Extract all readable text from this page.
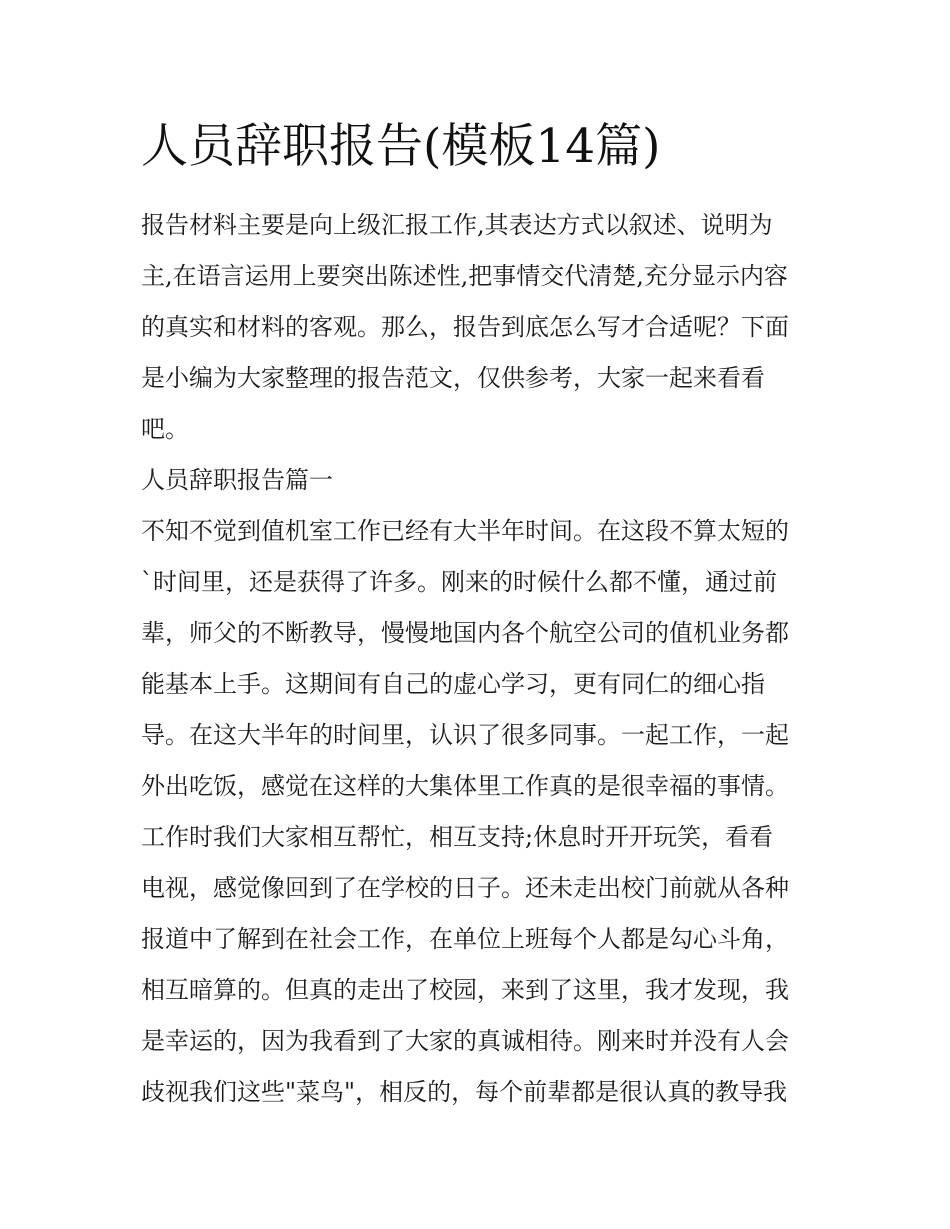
人员辞职报告(模板14篇)
报告材料主要是向上级汇报工作,其表达方式以叙述、说明为
主,在语言运用上要突出陈述性,把事情交代清楚,充分显示内容
的真实和材料的客观。那么，报告到底怎么写才合适呢？下面
是小编为大家整理的报告范文，仅供参考，大家一起来看看
吧。
人员辞职报告篇一
不知不觉到值机室工作已经有大半年时间。在这段不算太短的
`时间里，还是获得了许多。刚来的时候什么都不懂，通过前
辈，师父的不断教导，慢慢地国内各个航空公司的值机业务都
能基本上手。这期间有自己的虚心学习，更有同仁的细心指
导。在这大半年的时间里，认识了很多同事。一起工作，一起
外出吃饭，感觉在这样的大集体里工作真的是很幸福的事情。
工作时我们大家相互帮忙，相互支持;休息时开开玩笑，看看
电视，感觉像回到了在学校的日子。还未走出校门前就从各种
报道中了解到在社会工作，在单位上班每个人都是勾心斗角，
相互暗算的。但真的走出了校园，来到了这里，我才发现，我
是幸运的，因为我看到了大家的真诚相待。刚来时并没有人会
歧视我们这些"菜鸟"，相反的，每个前辈都是很认真的教导我
